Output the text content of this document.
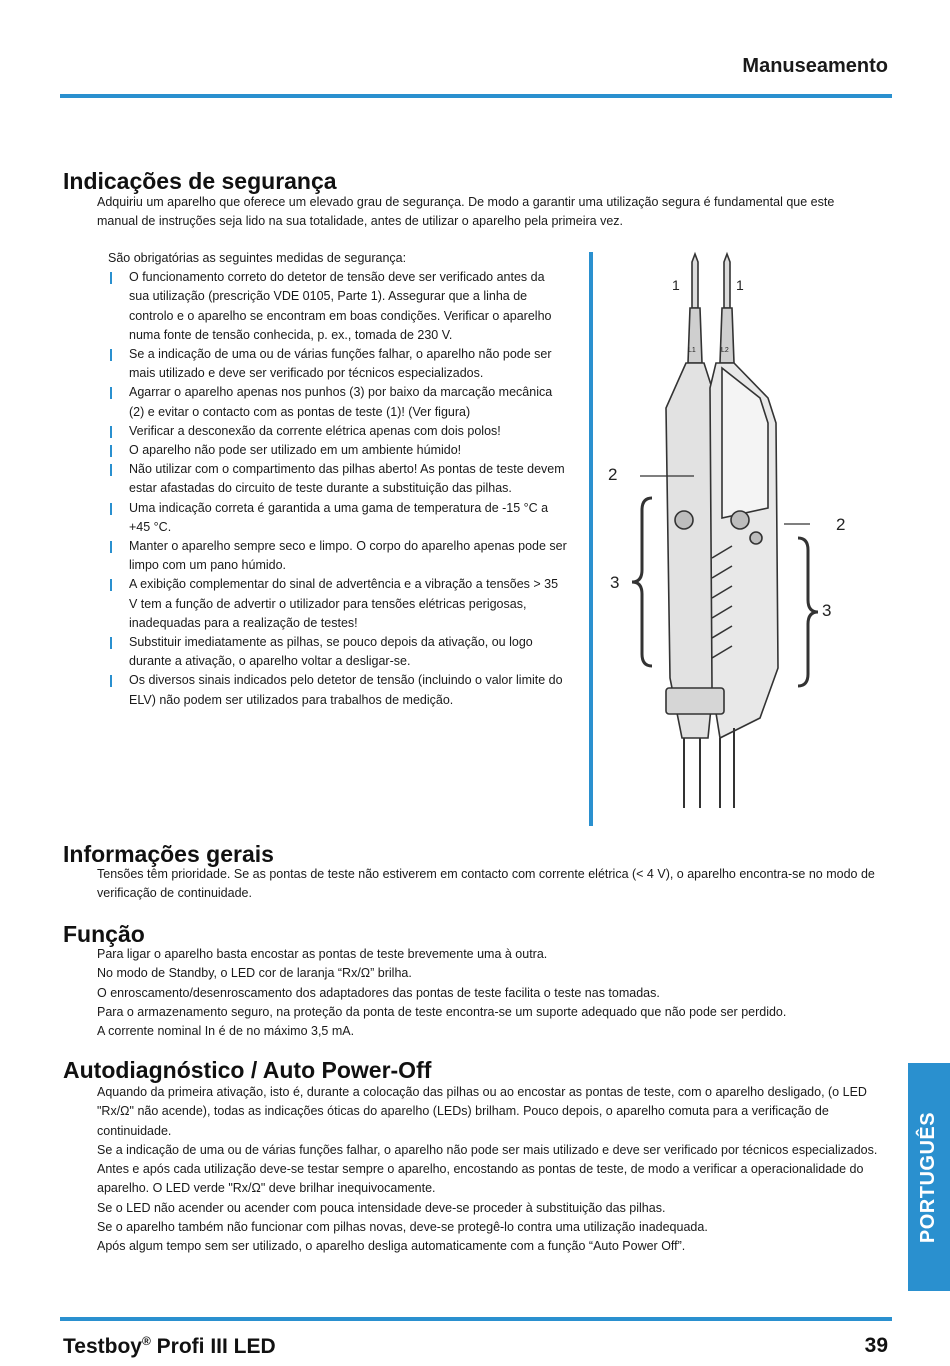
Manuseamento
Indicações de segurança
Adquiriu um aparelho que oferece um elevado grau de segurança. De modo a garantir uma utilização segura é fundamental que este manual de instruções seja lido na sua totalidade, antes de utilizar o aparelho pela primeira vez.

São obrigatórias as seguintes medidas de segurança:

O funcionamento correto do detetor de tensão deve ser verificado antes da sua utilização (prescrição VDE 0105, Parte 1). Assegurar que a linha de controlo e o aparelho se encontram em boas condições. Verificar o aparelho numa fonte de tensão conhecida, p. ex., tomada de 230 V.
Se a indicação de uma ou de várias funções falhar, o aparelho não pode ser mais utilizado e deve ser verificado por técnicos especializados.
Agarrar o aparelho apenas nos punhos (3) por baixo da marcação mecânica (2) e evitar o contacto com as pontas de teste (1)! (Ver figura)
Verificar a desconexão da corrente elétrica apenas com dois polos!
O aparelho não pode ser utilizado em um ambiente húmido!
Não utilizar com o compartimento das pilhas aberto! As pontas de teste devem estar afastadas do circuito de teste durante a substituição das pilhas.
Uma indicação correta é garantida a uma gama de temperatura de -15 °C a +45 °C.
Manter o aparelho sempre seco e limpo. O corpo do aparelho apenas pode ser limpo com um pano húmido.
A exibição complementar do sinal de advertência e a vibração a tensões > 35 V tem a função de advertir o utilizador para tensões elétricas perigosas, inadequadas para a realização de testes!
Substituir imediatamente as pilhas, se pouco depois da ativação, ou logo durante a ativação, o aparelho voltar a desligar-se.
Os diversos sinais indicados pelo detetor de tensão (incluindo o valor limite do ELV) não podem ser utilizados para trabalhos de medição.
1	1
2
2
3
3
L1	L2
Informações gerais
Tensões têm prioridade. Se as pontas de teste não estiverem em contacto com corrente elétrica (< 4 V), o aparelho encontra-se no modo de verificação de continuidade.
Função

Para ligar o aparelho basta encostar as pontas de teste brevemente uma à outra.

No modo de Standby, o LED cor de laranja “Rx/Ω” brilha.

O enroscamento/desenroscamento dos adaptadores das pontas de teste facilita o teste nas tomadas.

Para o armazenamento seguro, na proteção da ponta de teste encontra-se um suporte adequado que não pode ser perdido.

A corrente nominal In é de no máximo 3,5 mA.

Autodiagnóstico / Auto Power-Off

Aquando da primeira ativação, isto é, durante a colocação das pilhas ou ao encostar as pontas de teste, com o aparelho desligado, (o LED "Rx/Ω" não acende), todas as indicações óticas do aparelho (LEDs) brilham. Pouco depois, o aparelho comuta para a verificação de continuidade.

Se a indicação de uma ou de várias funções falhar, o aparelho não pode ser mais utilizado e deve ser verificado por técnicos especializados.

Antes e após cada utilização deve-se testar sempre o aparelho, encostando as pontas de teste, de modo a verificar a operacionalidade do aparelho. O LED verde "Rx/Ω" deve brilhar inequivocamente.

Se o LED não acender ou acender com pouca intensidade deve-se proceder à substituição das pilhas.

Se o aparelho também não funcionar com pilhas novas, deve-se protegê-lo contra uma utilização inadequada.

Após algum tempo sem ser utilizado, o aparelho desliga automaticamente com a função “Auto Power Off”.

PORTUGUÊS
Testboy® Profi III LED	39
